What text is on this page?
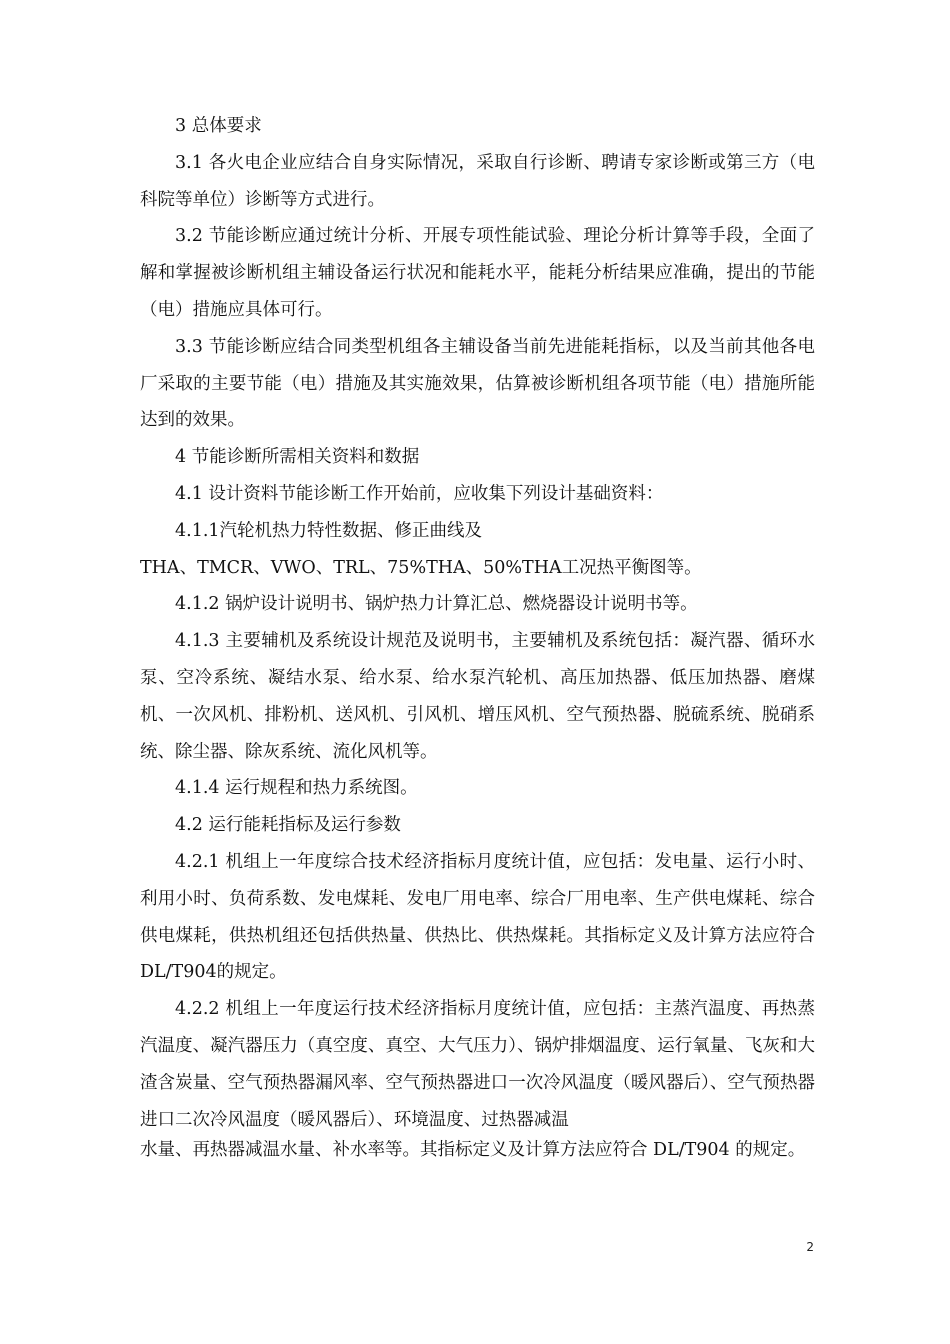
3 总体要求

3.1 各火电企业应结合自身实际情况，采取自行诊断、聘请专家诊断或第三方（电科院等单位）诊断等方式进行。

3.2 节能诊断应通过统计分析、开展专项性能试验、理论分析计算等手段，全面了解和掌握被诊断机组主辅设备运行状况和能耗水平，能耗分析结果应准确，提出的节能（电）措施应具体可行。

3.3 节能诊断应结合同类型机组各主辅设备当前先进能耗指标，以及当前其他各电厂采取的主要节能（电）措施及其实施效果，估算被诊断机组各项节能（电）措施所能达到的效果。

4 节能诊断所需相关资料和数据

4.1 设计资料节能诊断工作开始前，应收集下列设计基础资料：

4.1.1汽轮机热力特性数据、修正曲线及

THA、TMCR、VWO、TRL、75%THA、50%THA工况热平衡图等。

4.1.2 锅炉设计说明书、锅炉热力计算汇总、燃烧器设计说明书等。

4.1.3 主要辅机及系统设计规范及说明书，主要辅机及系统包括：凝汽器、循环水泵、空冷系统、凝结水泵、给水泵、给水泵汽轮机、高压加热器、低压加热器、磨煤机、一次风机、排粉机、送风机、引风机、增压风机、空气预热器、脱硫系统、脱硝系统、除尘器、除灰系统、流化风机等。

4.1.4 运行规程和热力系统图。

4.2 运行能耗指标及运行参数

4.2.1 机组上一年度综合技术经济指标月度统计值，应包括：发电量、运行小时、利用小时、负荷系数、发电煤耗、发电厂用电率、综合厂用电率、生产供电煤耗、综合供电煤耗，供热机组还包括供热量、供热比、供热煤耗。其指标定义及计算方法应符合DL/T904的规定。

4.2.2 机组上一年度运行技术经济指标月度统计值，应包括：主蒸汽温度、再热蒸汽温度、凝汽器压力（真空度、真空、大气压力）、锅炉排烟温度、运行氧量、飞灰和大渣含炭量、空气预热器漏风率、空气预热器进口一次冷风温度（暖风器后）、空气预热器进口二次冷风温度（暖风器后）、环境温度、过热器减温

水量、再热器减温水量、补水率等。其指标定义及计算方法应符合 DL/T904 的规定。

2
